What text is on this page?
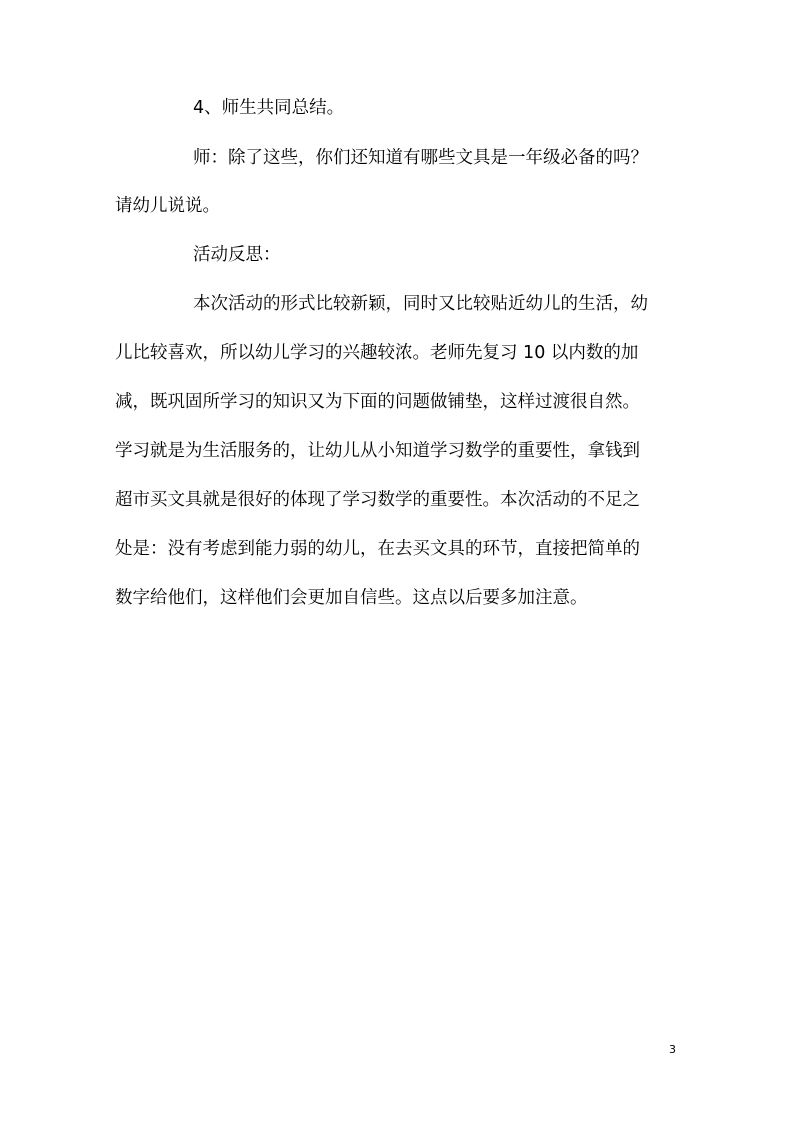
4、师生共同总结。

师：除了这些，你们还知道有哪些文具是一年级必备的吗？

请幼儿说说。

活动反思：

本次活动的形式比较新颖，同时又比较贴近幼儿的生活，幼

儿比较喜欢，所以幼儿学习的兴趣较浓。老师先复习 10 以内数的加

减，既巩固所学习的知识又为下面的问题做铺垫，这样过渡很自然。

学习就是为生活服务的，让幼儿从小知道学习数学的重要性，拿钱到

超市买文具就是很好的体现了学习数学的重要性。本次活动的不足之

处是：没有考虑到能力弱的幼儿，在去买文具的环节，直接把简单的

数字给他们，这样他们会更加自信些。这点以后要多加注意。

3
